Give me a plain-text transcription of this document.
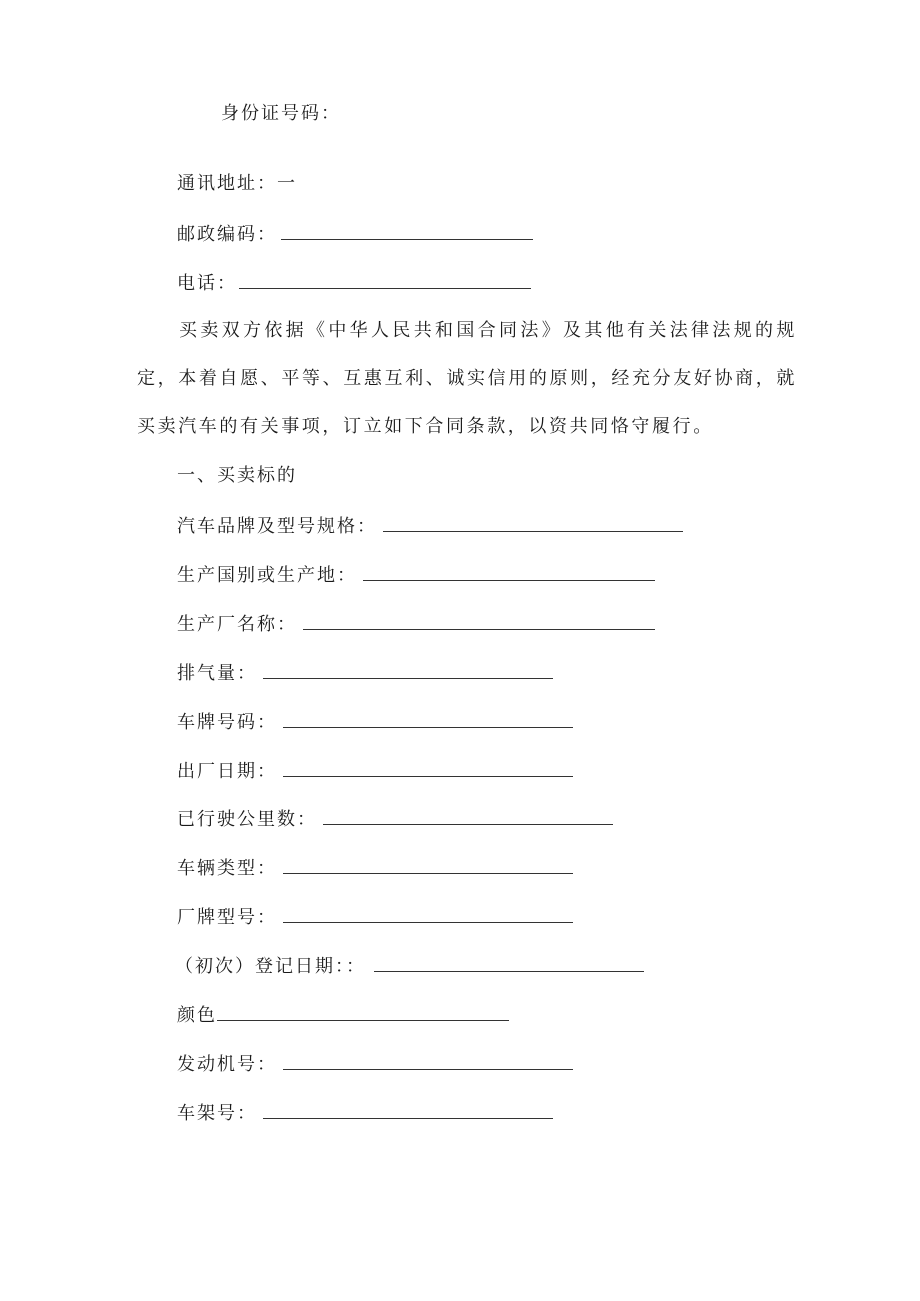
身份证号码：
通讯地址：一
邮政编码：
电话：
买卖双方依据《中华人民共和国合同法》及其他有关法律法规的规定，本着自愿、平等、互惠互利、诚实信用的原则，经充分友好协商，就买卖汽车的有关事项，订立如下合同条款，以资共同恪守履行。
一、买卖标的
汽车品牌及型号规格：
生产国别或生产地：
生产厂名称：
排气量：
车牌号码：
出厂日期：
已行驶公里数：
车辆类型：
厂牌型号：
（初次）登记日期：：
颜色
发动机号：
车架号：
